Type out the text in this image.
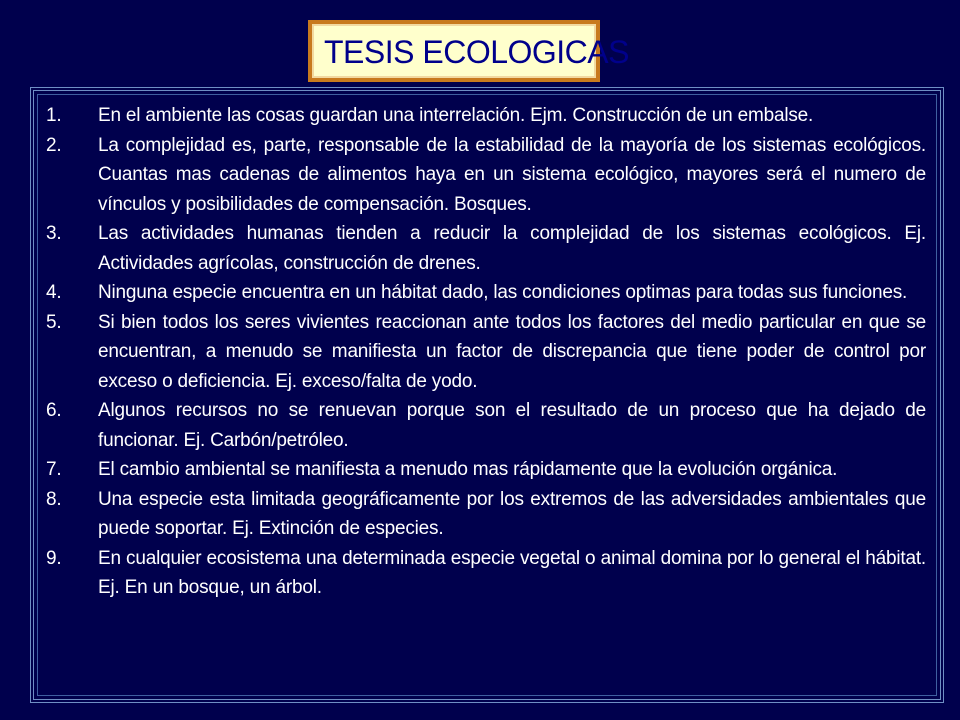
TESIS ECOLOGICAS
1.	En el ambiente las cosas guardan una interrelación. Ejm. Construcción de un embalse.
2.	La complejidad es, parte, responsable de la estabilidad de la mayoría de los sistemas ecológicos. Cuantas mas cadenas de alimentos haya en un sistema ecológico, mayores será el numero de vínculos y posibilidades de compensación. Bosques.
3.	Las actividades humanas tienden a reducir la complejidad de los sistemas ecológicos. Ej. Actividades agrícolas, construcción de drenes.
4.	Ninguna especie encuentra en un hábitat dado, las condiciones optimas para todas sus funciones.
5.	Si bien todos los seres vivientes reaccionan ante todos los factores del medio particular en que se encuentran, a menudo se manifiesta un factor de discrepancia que tiene poder de control por exceso o deficiencia. Ej. exceso/falta de yodo.
6.	Algunos recursos no se renuevan porque son el resultado de un proceso que ha dejado de funcionar. Ej. Carbón/petróleo.
7.	El cambio ambiental se manifiesta a menudo mas rápidamente que la evolución orgánica.
8.	Una especie esta limitada geográficamente por los extremos de las adversidades ambientales que puede soportar. Ej. Extinción de especies.
9.	En cualquier ecosistema una determinada especie vegetal o animal domina por lo general el hábitat. Ej. En un bosque, un árbol.
